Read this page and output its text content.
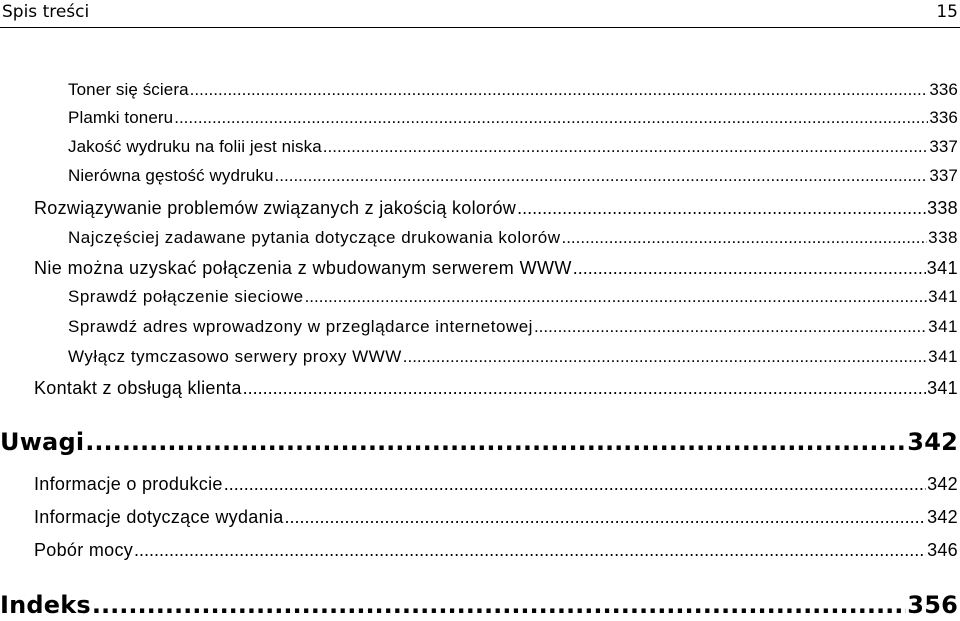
Spis treści	15
Toner się ściera .....	336
Plamki toneru .....	336
Jakość wydruku na folii jest niska .....	337
Nierówna gęstość wydruku .....	337
Rozwiązywanie problemów związanych z jakością kolorów .....	338
Najczęściej zadawane pytania dotyczące drukowania kolorów .....	338
Nie można uzyskać połączenia z wbudowanym serwerem WWW .....	341
Sprawdź połączenie sieciowe .....	341
Sprawdź adres wprowadzony w przeglądarce internetowej .....	341
Wyłącz tymczasowo serwery proxy WWW .....	341
Kontakt z obsługą klienta .....	341
Uwagi .....	342
Informacje o produkcie .....	342
Informacje dotyczące wydania .....	342
Pobór mocy .....	346
Indeks .....	356
